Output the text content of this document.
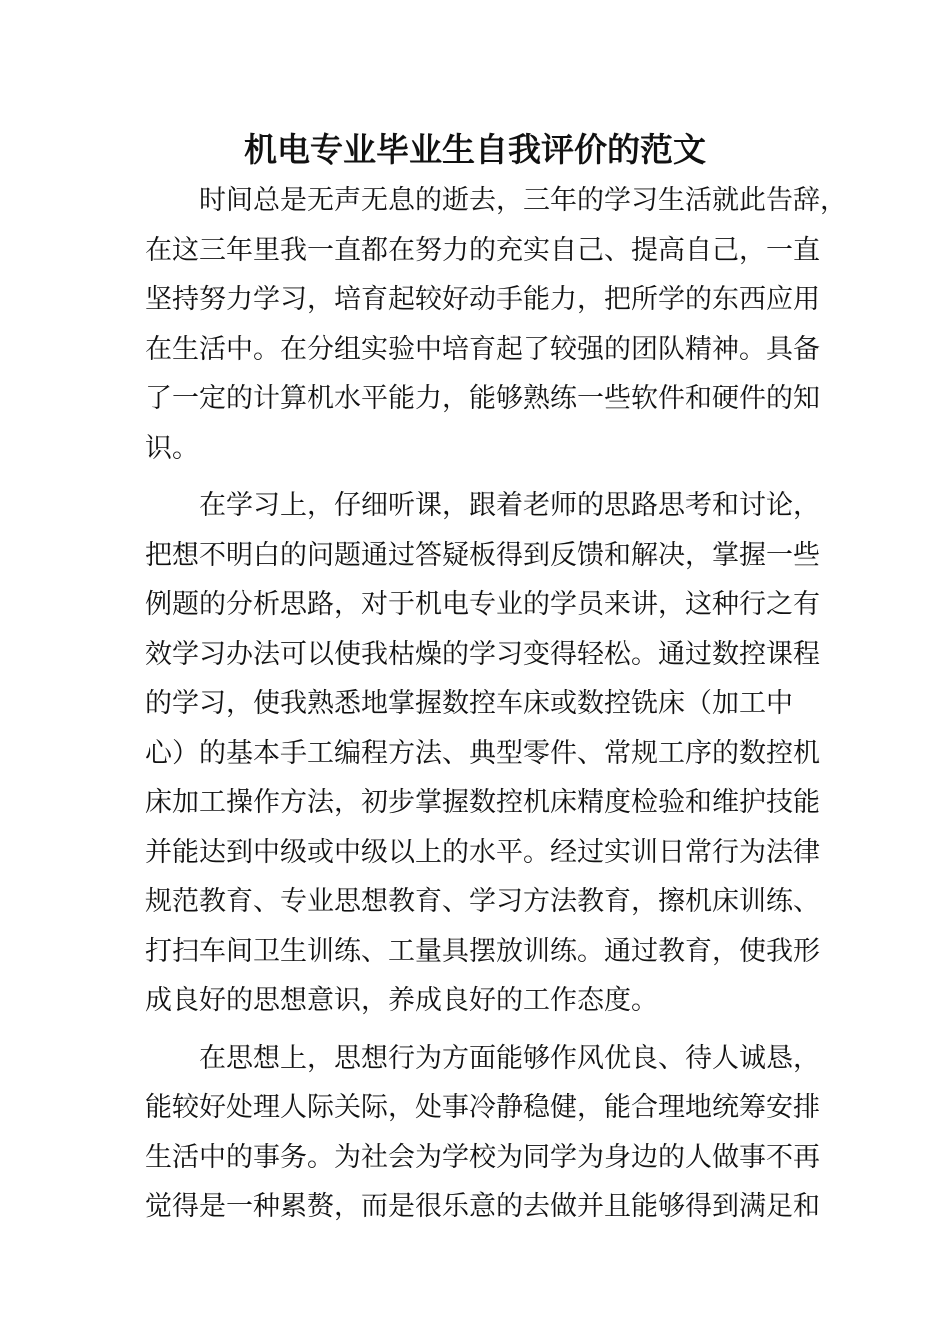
机电专业毕业生自我评价的范文
　　时间总是无声无息的逝去，三年的学习生活就此告辞，
在这三年里我一直都在努力的充实自己、提高自己，一直
坚持努力学习，培育起较好动手能力，把所学的东西应用
在生活中。在分组实验中培育起了较强的团队精神。具备
了一定的计算机水平能力，能够熟练一些软件和硬件的知
识。
　　在学习上，仔细听课，跟着老师的思路思考和讨论，
把想不明白的问题通过答疑板得到反馈和解决，掌握一些
例题的分析思路，对于机电专业的学员来讲，这种行之有
效学习办法可以使我枯燥的学习变得轻松。通过数控课程
的学习，使我熟悉地掌握数控车床或数控铣床（加工中
心）的基本手工编程方法、典型零件、常规工序的数控机
床加工操作方法，初步掌握数控机床精度检验和维护技能
并能达到中级或中级以上的水平。经过实训日常行为法律
规范教育、专业思想教育、学习方法教育，擦机床训练、
打扫车间卫生训练、工量具摆放训练。通过教育，使我形
成良好的思想意识，养成良好的工作态度。
　　在思想上，思想行为方面能够作风优良、待人诚恳，
能较好处理人际关际，处事冷静稳健，能合理地统筹安排
生活中的事务。为社会为学校为同学为身边的人做事不再
觉得是一种累赘，而是很乐意的去做并且能够得到满足和
